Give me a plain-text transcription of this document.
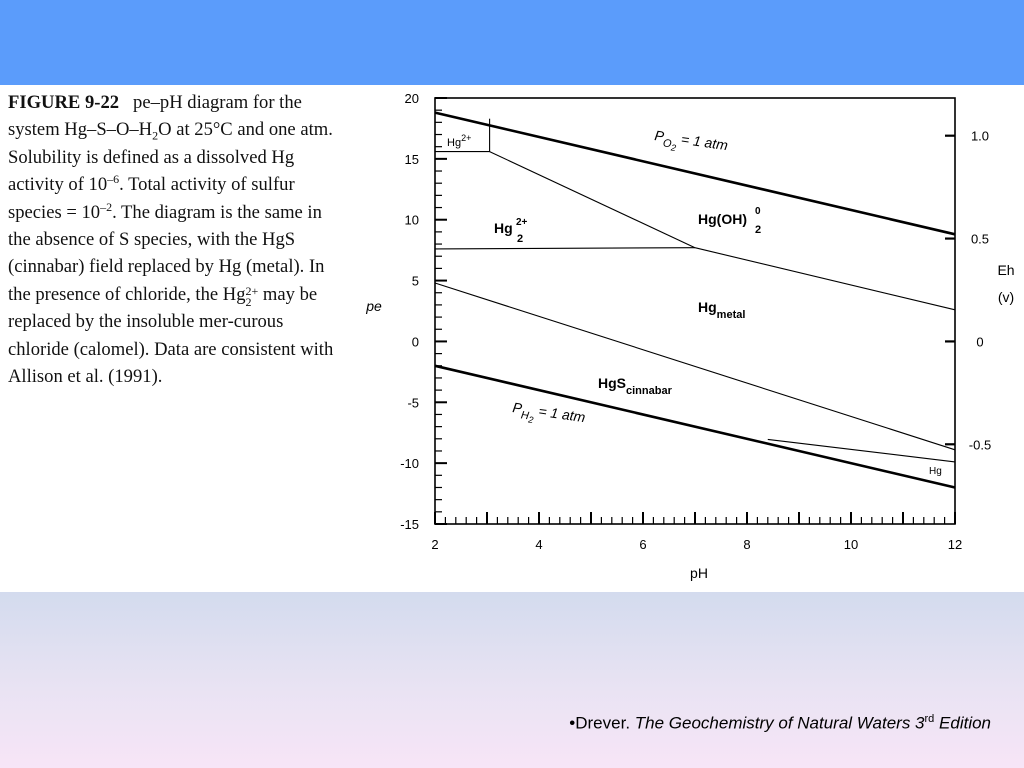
FIGURE 9-22 pe–pH diagram for the system $Hg-S-O-H_2O$ at 25°C and one atm. Solubility is defined as a dissolved Hg activity of $10^{-6}$. Total activity of sulfur species = $10^{-2}$. The diagram is the same in the absence of S species, with the HgS (cinnabar) field replaced by Hg (metal). In the presence of chloride, the Hg 2+
2 may be replaced by the insoluble mer-curous chloride (calomel). Data are consistent with Allison et al. (1991).

20
15
10
5
0
-5
-10
-15
2	4	6	8	10	12
1.0
0.5
0
-0.5
pH
pe
Eh
(v)
$P_{O2} = 1$ atm
$P_{H2} = 1$ atm
$Hg^{2+}$
Hg 2+
2
Hg(OH) 0
2
$Hg_{metal}$
HgS$_{cinnabar}$
Hg
•Drever. The Geochemistry of Natural Waters 3rd Edition
